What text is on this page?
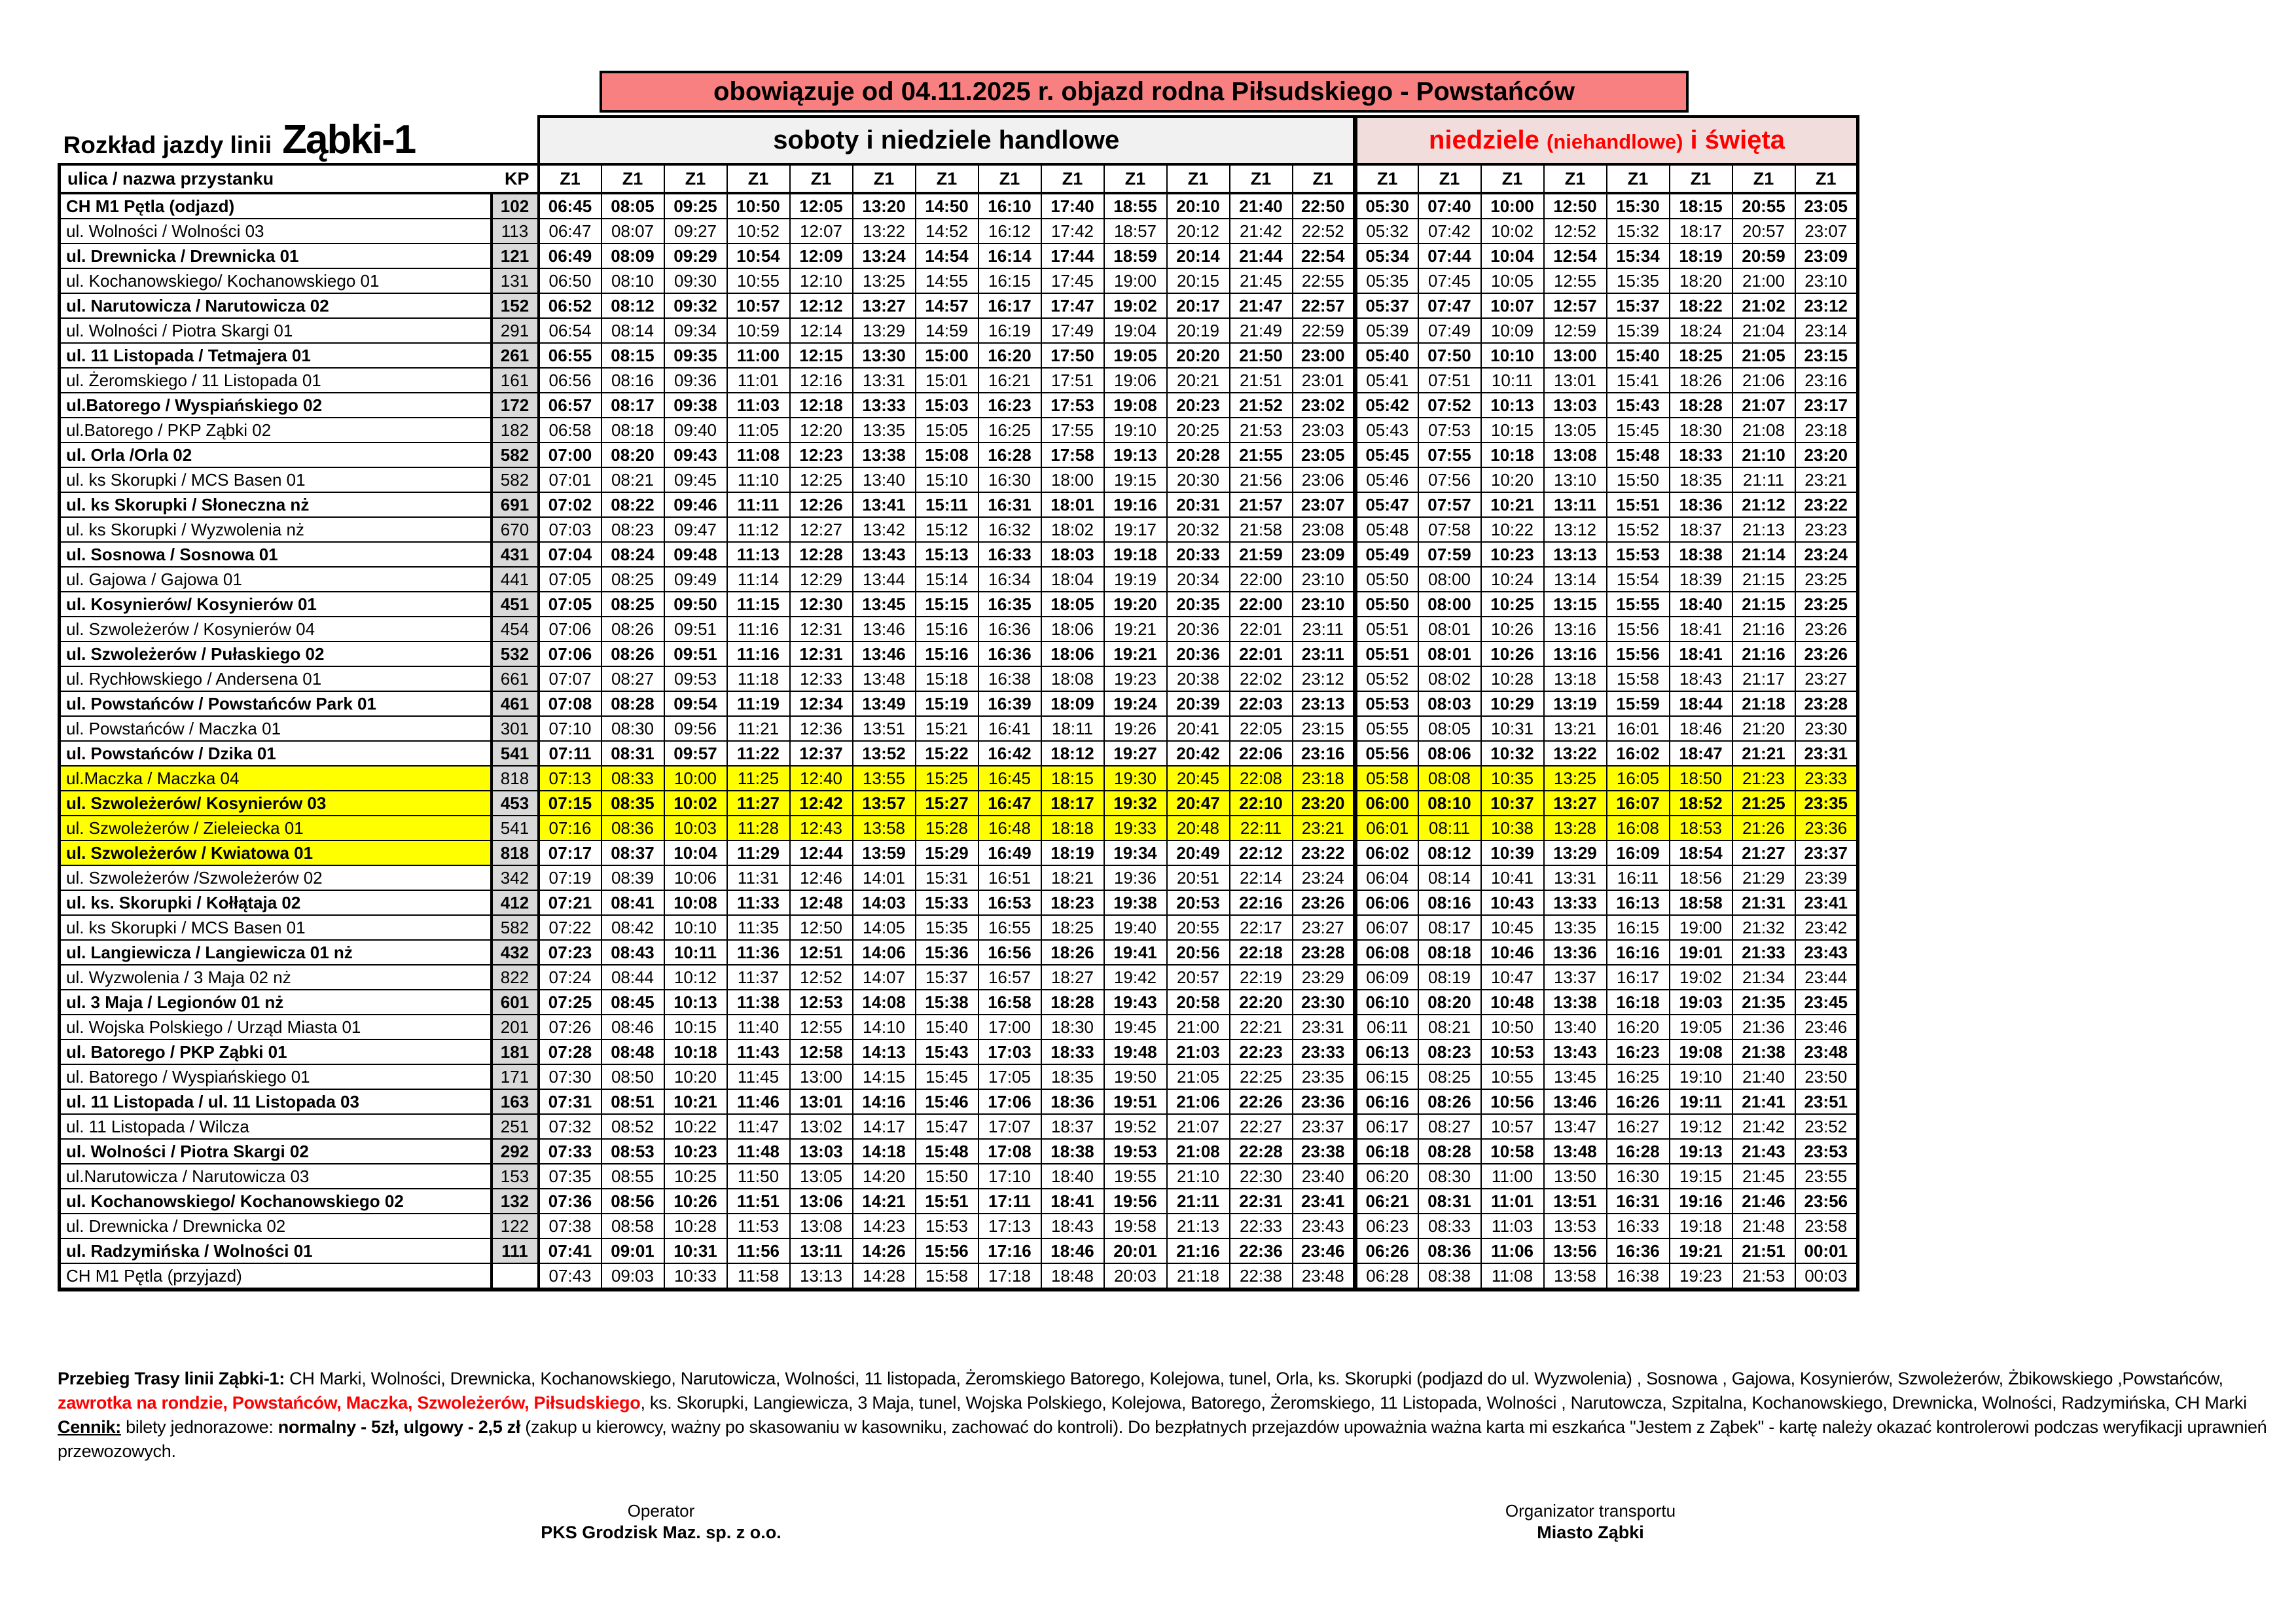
obowiązuje od 04.11.2025 r. objazd rodna Piłsudskiego - Powstańców
Rozkład jazdy linii Ząbki-1		soboty i niedziele handlowe													niedziele (niehandlowe) i święta							

ulica / nazwa przystanku KP		Z1	Z1	Z1	Z1	Z1	Z1	Z1	Z1	Z1	Z1	Z1	Z1	Z1	Z1	Z1	Z1	Z1	Z1	Z1	Z1	Z1
CH M1 Pętla (odjazd)	102	06:45	08:05	09:25	10:50	12:05	13:20	14:50	16:10	17:40	18:55	20:10	21:40	22:50	05:30	07:40	10:00	12:50	15:30	18:15	20:55	23:05
ul. Wolności / Wolności 03	113	06:47	08:07	09:27	10:52	12:07	13:22	14:52	16:12	17:42	18:57	20:12	21:42	22:52	05:32	07:42	10:02	12:52	15:32	18:17	20:57	23:07
ul. Drewnicka / Drewnicka 01	121	06:49	08:09	09:29	10:54	12:09	13:24	14:54	16:14	17:44	18:59	20:14	21:44	22:54	05:34	07:44	10:04	12:54	15:34	18:19	20:59	23:09
ul. Kochanowskiego/ Kochanowskiego 01	131	06:50	08:10	09:30	10:55	12:10	13:25	14:55	16:15	17:45	19:00	20:15	21:45	22:55	05:35	07:45	10:05	12:55	15:35	18:20	21:00	23:10
ul. Narutowicza / Narutowicza 02	152	06:52	08:12	09:32	10:57	12:12	13:27	14:57	16:17	17:47	19:02	20:17	21:47	22:57	05:37	07:47	10:07	12:57	15:37	18:22	21:02	23:12
ul. Wolności / Piotra Skargi 01	291	06:54	08:14	09:34	10:59	12:14	13:29	14:59	16:19	17:49	19:04	20:19	21:49	22:59	05:39	07:49	10:09	12:59	15:39	18:24	21:04	23:14
ul. 11 Listopada / Tetmajera 01	261	06:55	08:15	09:35	11:00	12:15	13:30	15:00	16:20	17:50	19:05	20:20	21:50	23:00	05:40	07:50	10:10	13:00	15:40	18:25	21:05	23:15
ul. Żeromskiego / 11 Listopada 01	161	06:56	08:16	09:36	11:01	12:16	13:31	15:01	16:21	17:51	19:06	20:21	21:51	23:01	05:41	07:51	10:11	13:01	15:41	18:26	21:06	23:16
ul.Batorego / Wyspiańskiego 02	172	06:57	08:17	09:38	11:03	12:18	13:33	15:03	16:23	17:53	19:08	20:23	21:52	23:02	05:42	07:52	10:13	13:03	15:43	18:28	21:07	23:17
ul.Batorego / PKP Ząbki 02	182	06:58	08:18	09:40	11:05	12:20	13:35	15:05	16:25	17:55	19:10	20:25	21:53	23:03	05:43	07:53	10:15	13:05	15:45	18:30	21:08	23:18
ul. Orla /Orla 02	582	07:00	08:20	09:43	11:08	12:23	13:38	15:08	16:28	17:58	19:13	20:28	21:55	23:05	05:45	07:55	10:18	13:08	15:48	18:33	21:10	23:20
ul. ks Skorupki / MCS Basen 01	582	07:01	08:21	09:45	11:10	12:25	13:40	15:10	16:30	18:00	19:15	20:30	21:56	23:06	05:46	07:56	10:20	13:10	15:50	18:35	21:11	23:21
ul. ks Skorupki / Słoneczna nż	691	07:02	08:22	09:46	11:11	12:26	13:41	15:11	16:31	18:01	19:16	20:31	21:57	23:07	05:47	07:57	10:21	13:11	15:51	18:36	21:12	23:22
ul. ks Skorupki / Wyzwolenia nż	670	07:03	08:23	09:47	11:12	12:27	13:42	15:12	16:32	18:02	19:17	20:32	21:58	23:08	05:48	07:58	10:22	13:12	15:52	18:37	21:13	23:23
ul. Sosnowa / Sosnowa 01	431	07:04	08:24	09:48	11:13	12:28	13:43	15:13	16:33	18:03	19:18	20:33	21:59	23:09	05:49	07:59	10:23	13:13	15:53	18:38	21:14	23:24
ul. Gajowa / Gajowa 01	441	07:05	08:25	09:49	11:14	12:29	13:44	15:14	16:34	18:04	19:19	20:34	22:00	23:10	05:50	08:00	10:24	13:14	15:54	18:39	21:15	23:25
ul. Kosynierów/ Kosynierów 01	451	07:05	08:25	09:50	11:15	12:30	13:45	15:15	16:35	18:05	19:20	20:35	22:00	23:10	05:50	08:00	10:25	13:15	15:55	18:40	21:15	23:25
ul. Szwoleżerów / Kosynierów 04	454	07:06	08:26	09:51	11:16	12:31	13:46	15:16	16:36	18:06	19:21	20:36	22:01	23:11	05:51	08:01	10:26	13:16	15:56	18:41	21:16	23:26
ul. Szwoleżerów / Pułaskiego 02	532	07:06	08:26	09:51	11:16	12:31	13:46	15:16	16:36	18:06	19:21	20:36	22:01	23:11	05:51	08:01	10:26	13:16	15:56	18:41	21:16	23:26
ul. Rychłowskiego / Andersena 01	661	07:07	08:27	09:53	11:18	12:33	13:48	15:18	16:38	18:08	19:23	20:38	22:02	23:12	05:52	08:02	10:28	13:18	15:58	18:43	21:17	23:27
ul. Powstańców / Powstańców Park 01	461	07:08	08:28	09:54	11:19	12:34	13:49	15:19	16:39	18:09	19:24	20:39	22:03	23:13	05:53	08:03	10:29	13:19	15:59	18:44	21:18	23:28
ul. Powstańców / Maczka 01	301	07:10	08:30	09:56	11:21	12:36	13:51	15:21	16:41	18:11	19:26	20:41	22:05	23:15	05:55	08:05	10:31	13:21	16:01	18:46	21:20	23:30
ul. Powstańców / Dzika 01	541	07:11	08:31	09:57	11:22	12:37	13:52	15:22	16:42	18:12	19:27	20:42	22:06	23:16	05:56	08:06	10:32	13:22	16:02	18:47	21:21	23:31
ul.Maczka / Maczka 04	818	07:13	08:33	10:00	11:25	12:40	13:55	15:25	16:45	18:15	19:30	20:45	22:08	23:18	05:58	08:08	10:35	13:25	16:05	18:50	21:23	23:33
ul. Szwoleżerów/ Kosynierów 03	453	07:15	08:35	10:02	11:27	12:42	13:57	15:27	16:47	18:17	19:32	20:47	22:10	23:20	06:00	08:10	10:37	13:27	16:07	18:52	21:25	23:35
ul. Szwoleżerów / Zieleiecka 01	541	07:16	08:36	10:03	11:28	12:43	13:58	15:28	16:48	18:18	19:33	20:48	22:11	23:21	06:01	08:11	10:38	13:28	16:08	18:53	21:26	23:36
ul. Szwoleżerów / Kwiatowa 01	818	07:17	08:37	10:04	11:29	12:44	13:59	15:29	16:49	18:19	19:34	20:49	22:12	23:22	06:02	08:12	10:39	13:29	16:09	18:54	21:27	23:37
ul. Szwoleżerów /Szwoleżerów 02	342	07:19	08:39	10:06	11:31	12:46	14:01	15:31	16:51	18:21	19:36	20:51	22:14	23:24	06:04	08:14	10:41	13:31	16:11	18:56	21:29	23:39
ul. ks. Skorupki / Kołłątaja 02	412	07:21	08:41	10:08	11:33	12:48	14:03	15:33	16:53	18:23	19:38	20:53	22:16	23:26	06:06	08:16	10:43	13:33	16:13	18:58	21:31	23:41
ul. ks Skorupki / MCS Basen 01	582	07:22	08:42	10:10	11:35	12:50	14:05	15:35	16:55	18:25	19:40	20:55	22:17	23:27	06:07	08:17	10:45	13:35	16:15	19:00	21:32	23:42
ul. Langiewicza / Langiewicza 01 nż	432	07:23	08:43	10:11	11:36	12:51	14:06	15:36	16:56	18:26	19:41	20:56	22:18	23:28	06:08	08:18	10:46	13:36	16:16	19:01	21:33	23:43
ul. Wyzwolenia / 3 Maja 02 nż	822	07:24	08:44	10:12	11:37	12:52	14:07	15:37	16:57	18:27	19:42	20:57	22:19	23:29	06:09	08:19	10:47	13:37	16:17	19:02	21:34	23:44
ul. 3 Maja / Legionów 01 nż	601	07:25	08:45	10:13	11:38	12:53	14:08	15:38	16:58	18:28	19:43	20:58	22:20	23:30	06:10	08:20	10:48	13:38	16:18	19:03	21:35	23:45
ul. Wojska Polskiego / Urząd Miasta 01	201	07:26	08:46	10:15	11:40	12:55	14:10	15:40	17:00	18:30	19:45	21:00	22:21	23:31	06:11	08:21	10:50	13:40	16:20	19:05	21:36	23:46
ul. Batorego / PKP Ząbki 01	181	07:28	08:48	10:18	11:43	12:58	14:13	15:43	17:03	18:33	19:48	21:03	22:23	23:33	06:13	08:23	10:53	13:43	16:23	19:08	21:38	23:48
ul. Batorego / Wyspiańskiego 01	171	07:30	08:50	10:20	11:45	13:00	14:15	15:45	17:05	18:35	19:50	21:05	22:25	23:35	06:15	08:25	10:55	13:45	16:25	19:10	21:40	23:50
ul. 11 Listopada / ul. 11 Listopada 03	163	07:31	08:51	10:21	11:46	13:01	14:16	15:46	17:06	18:36	19:51	21:06	22:26	23:36	06:16	08:26	10:56	13:46	16:26	19:11	21:41	23:51
ul. 11 Listopada / Wilcza	251	07:32	08:52	10:22	11:47	13:02	14:17	15:47	17:07	18:37	19:52	21:07	22:27	23:37	06:17	08:27	10:57	13:47	16:27	19:12	21:42	23:52
ul. Wolności / Piotra Skargi 02	292	07:33	08:53	10:23	11:48	13:03	14:18	15:48	17:08	18:38	19:53	21:08	22:28	23:38	06:18	08:28	10:58	13:48	16:28	19:13	21:43	23:53
ul.Narutowicza / Narutowicza 03	153	07:35	08:55	10:25	11:50	13:05	14:20	15:50	17:10	18:40	19:55	21:10	22:30	23:40	06:20	08:30	11:00	13:50	16:30	19:15	21:45	23:55
ul. Kochanowskiego/ Kochanowskiego 02	132	07:36	08:56	10:26	11:51	13:06	14:21	15:51	17:11	18:41	19:56	21:11	22:31	23:41	06:21	08:31	11:01	13:51	16:31	19:16	21:46	23:56
ul. Drewnicka / Drewnicka 02	122	07:38	08:58	10:28	11:53	13:08	14:23	15:53	17:13	18:43	19:58	21:13	22:33	23:43	06:23	08:33	11:03	13:53	16:33	19:18	21:48	23:58
ul. Radzymińska / Wolności 01	111	07:41	09:01	10:31	11:56	13:11	14:26	15:56	17:16	18:46	20:01	21:16	22:36	23:46	06:26	08:36	11:06	13:56	16:36	19:21	21:51	00:01
CH M1 Pętla (przyjazd)		07:43	09:03	10:33	11:58	13:13	14:28	15:58	17:18	18:48	20:03	21:18	22:38	23:48	06:28	08:38	11:08	13:58	16:38	19:23	21:53	00:03
Przebieg Trasy linii Ząbki-1: CH Marki, Wolności, Drewnicka, Kochanowskiego, Narutowicza, Wolności, 11 listopada, Żeromskiego Batorego, Kolejowa, tunel, Orla, ks. Skorupki (podjazd do ul. Wyzwolenia) , Sosnowa , Gajowa, Kosynierów, Szwoleżerów, Żbikowskiego ,Powstańców, zawrotka na rondzie, Powstańców, Maczka, Szwoleżerów, Piłsudskiego, ks. Skorupki, Langiewicza, 3 Maja, tunel, Wojska Polskiego, Kolejowa, Batorego, Żeromskiego, 11 Listopada, Wolności , Narutowcza, Szpitalna, Kochanowskiego, Drewnicka, Wolności, Radzymińska, CH Marki
Cennik: bilety jednorazowe: normalny - 5zł, ulgowy - 2,5 zł (zakup u kierowcy, ważny po skasowaniu w kasowniku, zachować do kontroli). Do bezpłatnych przejazdów upoważnia ważna karta mi eszkańca "Jestem z Ząbek" - kartę należy okazać kontrolerowi podczas weryfikacji uprawnień przewozowych.
Operator
PKS Grodzisk Maz. sp. z o.o.
Organizator transportu
Miasto Ząbki
